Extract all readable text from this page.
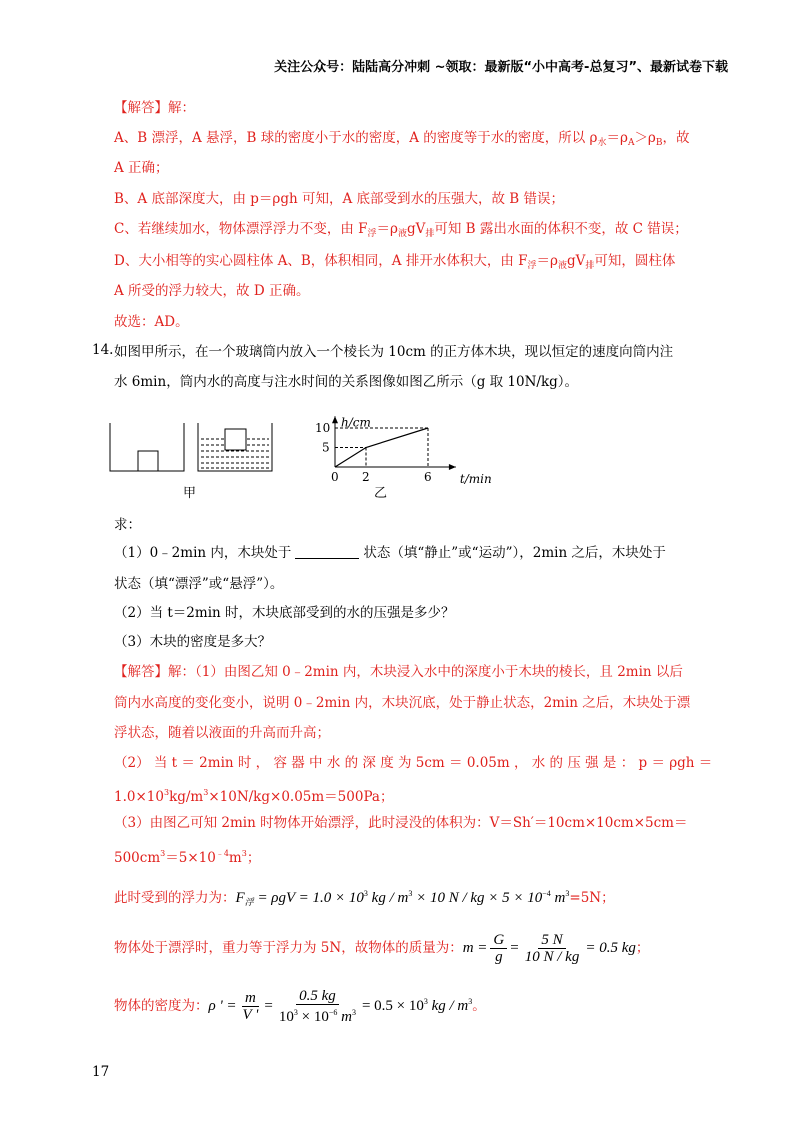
关注公众号：陆陆高分冲刺 ~领取：最新版“小中高考-总复习”、最新试卷下载
【解答】解：
A、B 漂浮，A 悬浮，B 球的密度小于水的密度，A 的密度等于水的密度，所以 $\rho_水=\rho_A>\rho_B$，故
A 正确；
B、A 底部深度大，由 p＝ρgh 可知，A 底部受到水的压强大，故 B 错误；
C、若继续加水，物体漂浮浮力不变，由 $F_浮=\rho_液gV_排$可知 B 露出水面的体积不变，故 C 错误；
D、大小相等的实心圆柱体 A、B，体积相同，A 排开水体积大，由 $F_浮=\rho_液gV_排$可知，圆柱体
A 所受的浮力较大，故 D 正确。
故选：AD。
14. 如图甲所示，在一个玻璃筒内放入一个棱长为 10cm 的正方体木块，现以恒定的速度向筒内注
水 6min，筒内水的高度与注水时间的关系图像如图乙所示（g 取 10N/kg）。
甲
h/cm
t/min
0 2	6
5
10
乙
求：
（1）0﹣2min 内，木块处于	状态（填“静止”或“运动”），2min 之后，木块处于
状态（填“漂浮”或“悬浮”）。
（2）当 t＝2min 时，木块底部受到的水的压强是多少？
（3）木块的密度是多大？
【解答】解：（1）由图乙知 0﹣2min 内，木块浸入水中的深度小于木块的棱长，且 2min 以后
筒内水高度的变化变小，说明 0﹣2min 内，木块沉底，处于静止状态，2min 之后，木块处于漂
浮状态，随着以液面的升高而升高；
（2） 当 t ＝ 2min 时 ， 容 器 中 水 的 深 度 为 5cm ＝ 0.05m ， 水 的 压 强 是 ： p ＝ ρgh ＝
$1.0\times 10^3kg/m^3\times 10N/kg\times 0.05m=500Pa$；
（3）由图乙可知 2min 时物体开始漂浮，此时浸没的体积为：V＝Sh′＝10cm×10cm×5cm＝
$500cm^3=5\times 10^{﹣4}m^3$；
此时受到的浮力为：$F_浮 = \rho gV = 1.0 \times 10^3$ kg / $m^3 \times 10$ N / kg × $5 \times 10^{-4}$ $m^3=5N$；
物体处于漂浮时，重力等于浮力为 5N，故物体的质量为：$m = \frac{G}{g} = \frac{5 N}{10 N / kg} = 0.5$ kg；
物体的密度为：ρ ' = $\frac{m}{V '} = \frac{0.5 kg}{10^3 \times 10^{-6} m^3} = 0.5 \times 10^3$ kg / $m^3$。
17
